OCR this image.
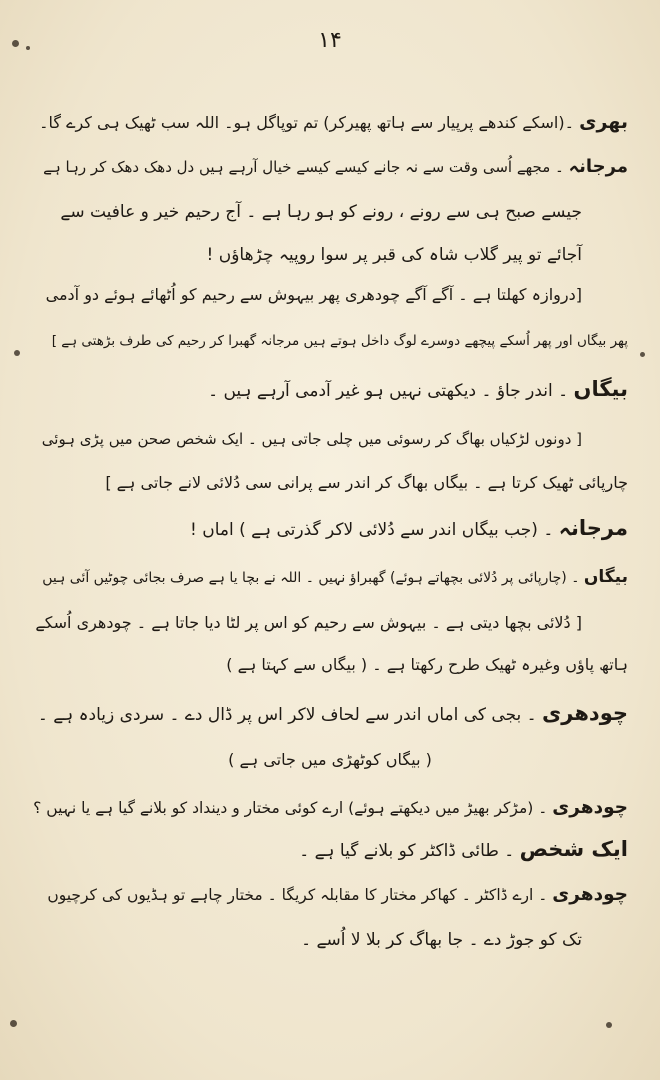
۱۴
بھری ۔(اسکے کندھے پرپیار سے ہاتھ پھیرکر) تم توپاگل ہو۔ اللہ سب ٹھیک ہی کرے گا۔
مرجانہ ۔ مجھے اُسی وقت سے نہ جانے کیسے کیسے خیال آرہے ہیں دل دھک دھک کر رہا ہے
جیسے صبح ہی سے رونے ، رونے کو ہو رہا ہے ۔ آج رحیم خیر و عافیت سے
آجائے تو پیر گلاب شاہ کی قبر پر سوا روپیہ چڑھاؤں !
[دروازہ کھلتا ہے ۔ آگے آگے چودھری پھر بیہوش سے رحیم کو اُٹھائے ہوئے دو آدمی
پھر بیگاں اور پھر اُسکے پیچھے دوسرے لوگ داخل ہوتے ہیں مرجانہ گھبرا کر رحیم کی طرف بڑھتی ہے ]
بیگاں ۔ اندر جاؤ ۔ دیکھتی نہیں ہو غیر آدمی آرہے ہیں ۔
[ دونوں لڑکیاں بھاگ کر رسوئی میں چلی جاتی ہیں ۔ ایک شخص صحن میں پڑی ہوئی
چارپائی ٹھیک کرتا ہے ۔ بیگاں بھاگ کر اندر سے پرانی سی دُلائی لانے جاتی ہے ]
مرجانہ ۔ (جب بیگاں اندر سے دُلائی لاکر گذرتی ہے ) اماں !
بیگاں ۔ (چارپائی پر دُلائی بچھاتے ہوئے) گھبراؤ نہیں ۔ اللہ نے بچا یا ہے صرف بجائی چوٹیں آئی ہیں
[ دُلائی بچھا دیتی ہے ۔ بیہوش سے رحیم کو اس پر لٹا دیا جاتا ہے ۔ چودھری اُسکے
ہاتھ پاؤں وغیرہ ٹھیک طرح رکھتا ہے ۔ ( بیگاں سے کہتا ہے )
چودھری ۔ بجی کی اماں اندر سے لحاف لاکر اس پر ڈال دے ۔ سردی زیادہ ہے ۔
( بیگاں کوٹھڑی میں جاتی ہے )
چودھری ۔ (مڑکر بھیڑ میں دیکھتے ہوئے) ارے کوئی مختار و دینداد کو بلانے گیا ہے یا نہیں ؟
ایک شخص ۔ طائی ڈاکٹر کو بلانے گیا ہے ۔
چودھری ۔ ارے ڈاکٹر ۔ کھاکر مختار کا مقابلہ کریگا ۔ مختار چاہے تو ہڈیوں کی کرچیوں
تک کو جوڑ دے ۔ جا بھاگ کر بلا لا اُسے ۔
